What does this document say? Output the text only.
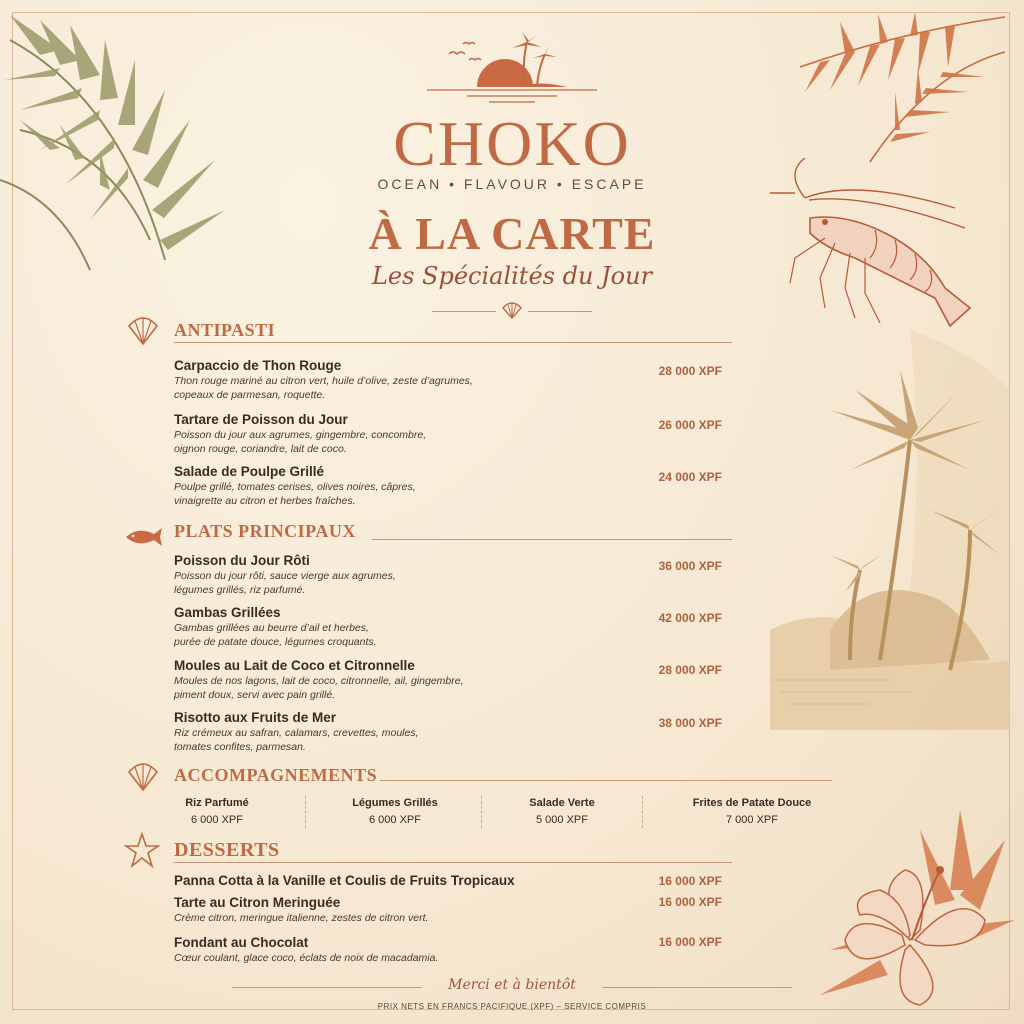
CHOKO
OCEAN • FLAVOUR • ESCAPE
À LA CARTE
Les Spécialités du Jour
ANTIPASTI
Carpaccio de Thon Rouge
Thon rouge mariné au citron vert, huile d’olive, zeste d’agrumes,
copeaux de parmesan, roquette.
28 000 XPF
Tartare de Poisson du Jour
Poisson du jour aux agrumes, gingembre, concombre,
oignon rouge, coriandre, lait de coco.
26 000 XPF
Salade de Poulpe Grillé
Poulpe grillé, tomates cerises, olives noires, câpres,
vinaigrette au citron et herbes fraîches.
24 000 XPF
PLATS PRINCIPAUX
Poisson du Jour Rôti
Poisson du jour rôti, sauce vierge aux agrumes,
légumes grillés, riz parfumé.
36 000 XPF
Gambas Grillées
Gambas grillées au beurre d’ail et herbes,
purée de patate douce, légumes croquants.
42 000 XPF
Moules au Lait de Coco et Citronnelle
Moules de nos lagons, lait de coco, citronnelle, ail, gingembre,
piment doux, servi avec pain grillé.
28 000 XPF
Risotto aux Fruits de Mer
Riz crémeux au safran, calamars, crevettes, moules,
tomates confites, parmesan.
38 000 XPF
ACCOMPAGNEMENTS
Riz Parfumé
6 000 XPF
Légumes Grillés
6 000 XPF
Salade Verte
5 000 XPF
Frites de Patate Douce
7 000 XPF
DESSERTS
Panna Cotta à la Vanille et Coulis de Fruits Tropicaux	16 000 XPF
Tarte au Citron Meringuée
Crème citron, meringue italienne, zestes de citron vert.
16 000 XPF
Fondant au Chocolat
Cœur coulant, glace coco, éclats de noix de macadamia.
16 000 XPF
Merci et à bientôt
PRIX NETS EN FRANCS PACIFIQUE (XPF) – SERVICE COMPRIS
